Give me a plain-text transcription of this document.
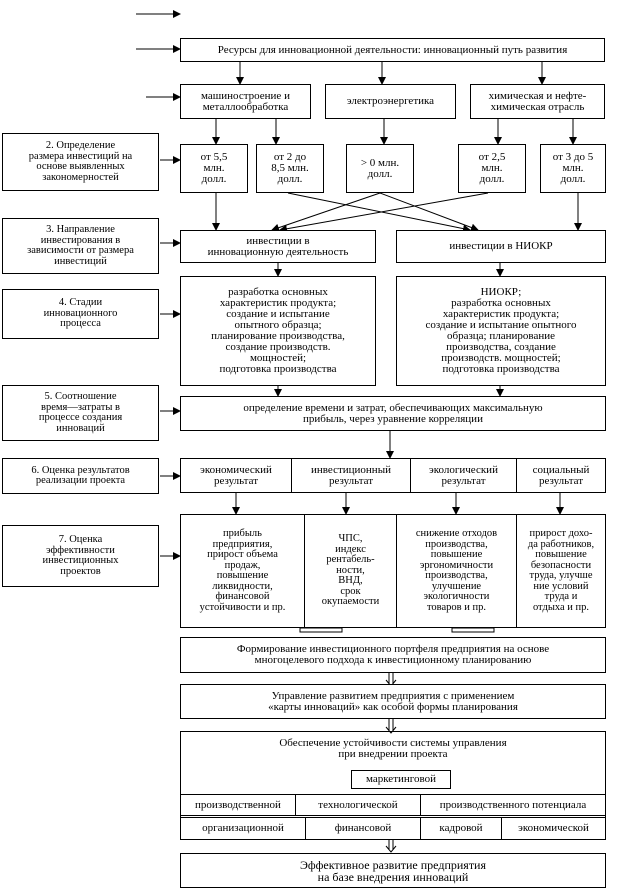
Ресурсы для инновационной деятельности: инновационный путь развития
машиностроение и
металлообработка	электроэнергетика	химическая и нефте-
химическая отрасль
2. Определение
размера инвестиций на
основе выявленных
закономерностей
3. Направление
инвестирования в
зависимости от размера
инвестиций
4. Стадии
инновационного
процесса
5. Соотношение
время—затраты в
процессе создания
инноваций
6. Оценка результатов
реализации проекта
7. Оценка
эффективности
инвестиционных
проектов
от 5,5
млн.
долл.
от 2 до
8,5 млн.
долл.
> 0 млн.
долл.
от 2,5
млн.
долл.
от 3 до 5
млн.
долл.
инвестиции в
инновационную деятельность	инвестиции в НИОКР
разработка основных
характеристик продукта;
создание и испытание
опытного образца;
планирование производства,
создание производств.
мощностей;
подготовка производства
НИОКР;
разработка основных
характеристик продукта;
создание и испытание опытного
образца; планирование
производства, создание
производств. мощностей;
подготовка производства
определение времени и затрат, обеспечивающих максимальную
прибыль, через уравнение корреляции
экономический
результат
инвестиционный
результат
экологический
результат
социальный
результат
прибыль
предприятия,
прирост объема
продаж,
повышение
ликвидности,
финансовой
устойчивости и пр.
ЧПС,
индекс
рентабель-
ности,
ВНД,
срок
окупаемости
снижение отходов
производства,
повышение
эргономичности
производства,
улучшение
экологичности
товаров и пр.
прирост дохо-
да работников,
повышение
безопасности
труда, улучше
ние условий
труда и
отдыха и пр.
Формирование инвестиционного портфеля предприятия на основе
многоцелевого подхода к инвестиционному планированию
Управление развитием предприятия с применением
«карты инноваций» как особой формы планирования
Обеспечение устойчивости системы управления
при внедрении проекта
маркетинговой
производственной	технологической	производственного потенциала
организационной	финансовой	кадровой	экономической
Эффективное развитие предприятия
на базе внедрения инноваций
